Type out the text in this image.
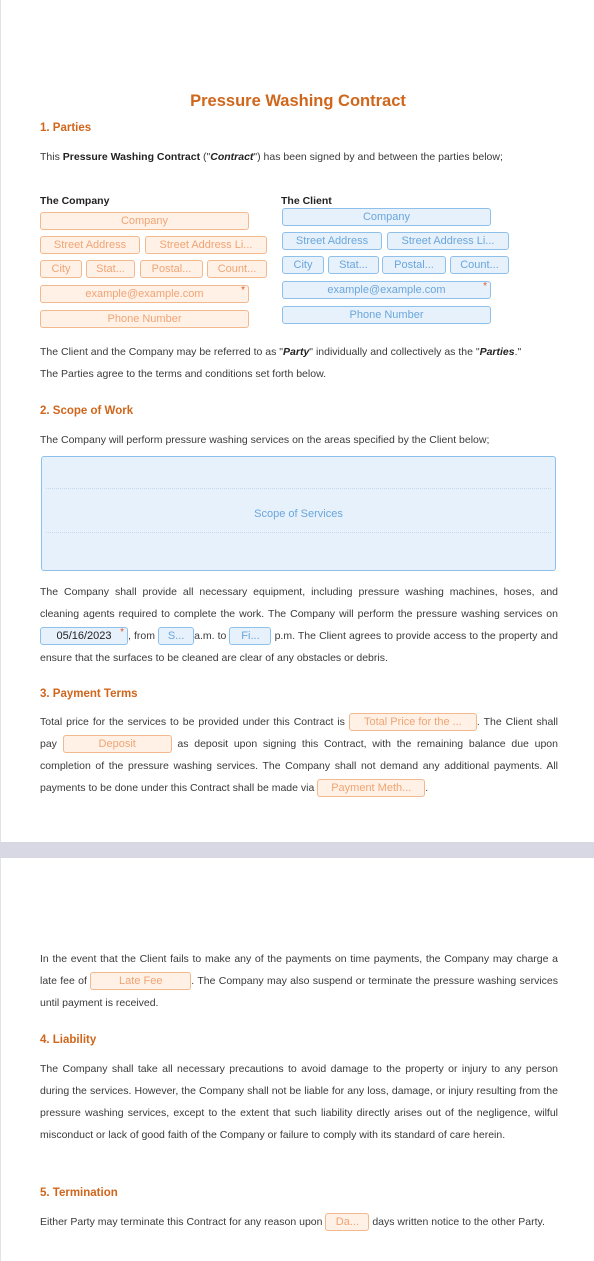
Pressure Washing Contract
1. Parties
This Pressure Washing Contract ("Contract") has been signed by and between the parties below;
The Company
Company
Street Address	Street Address Li...
City	Stat...	Postal...	Count...
example@example.com	*
Phone Number
The Client
Company
Street Address	Street Address Li...
City	Stat...	Postal...	Count...
example@example.com	*
Phone Number
The Client and the Company may be referred to as "Party" individually and collectively as the "Parties."
The Parties agree to the terms and conditions set forth below.
2. Scope of Work
The Company will perform pressure washing services on the areas specified by the Client below;
Scope of Services
The Company shall provide all necessary equipment, including pressure washing machines, hoses, and cleaning agents required to complete the work. The Company will perform the pressure washing services on 05/16/2023 * , from S... a.m. to Fi... p.m. The Client agrees to provide access to the property and ensure that the surfaces to be cleaned are clear of any obstacles or debris.
3. Payment Terms
Total price for the services to be provided under this Contract is Total Price for the ... . The Client shall pay	Deposit	as deposit upon signing this Contract, with the remaining balance due upon completion of the pressure washing services. The Company shall not demand any additional payments. All payments to be done under this Contract shall be made via Payment Meth... .
In the event that the Client fails to make any of the payments on time payments, the Company may charge a late fee of	Late Fee	. The Company may also suspend or terminate the pressure washing services until payment is received.
4. Liability
The Company shall take all necessary precautions to avoid damage to the property or injury to any person during the services. However, the Company shall not be liable for any loss, damage, or injury resulting from the pressure washing services, except to the extent that such liability directly arises out of the negligence, wilful misconduct or lack of good faith of the Company or failure to comply with its standard of care herein.
5. Termination
Either Party may terminate this Contract for any reason upon Da... days written notice to the other Party.
